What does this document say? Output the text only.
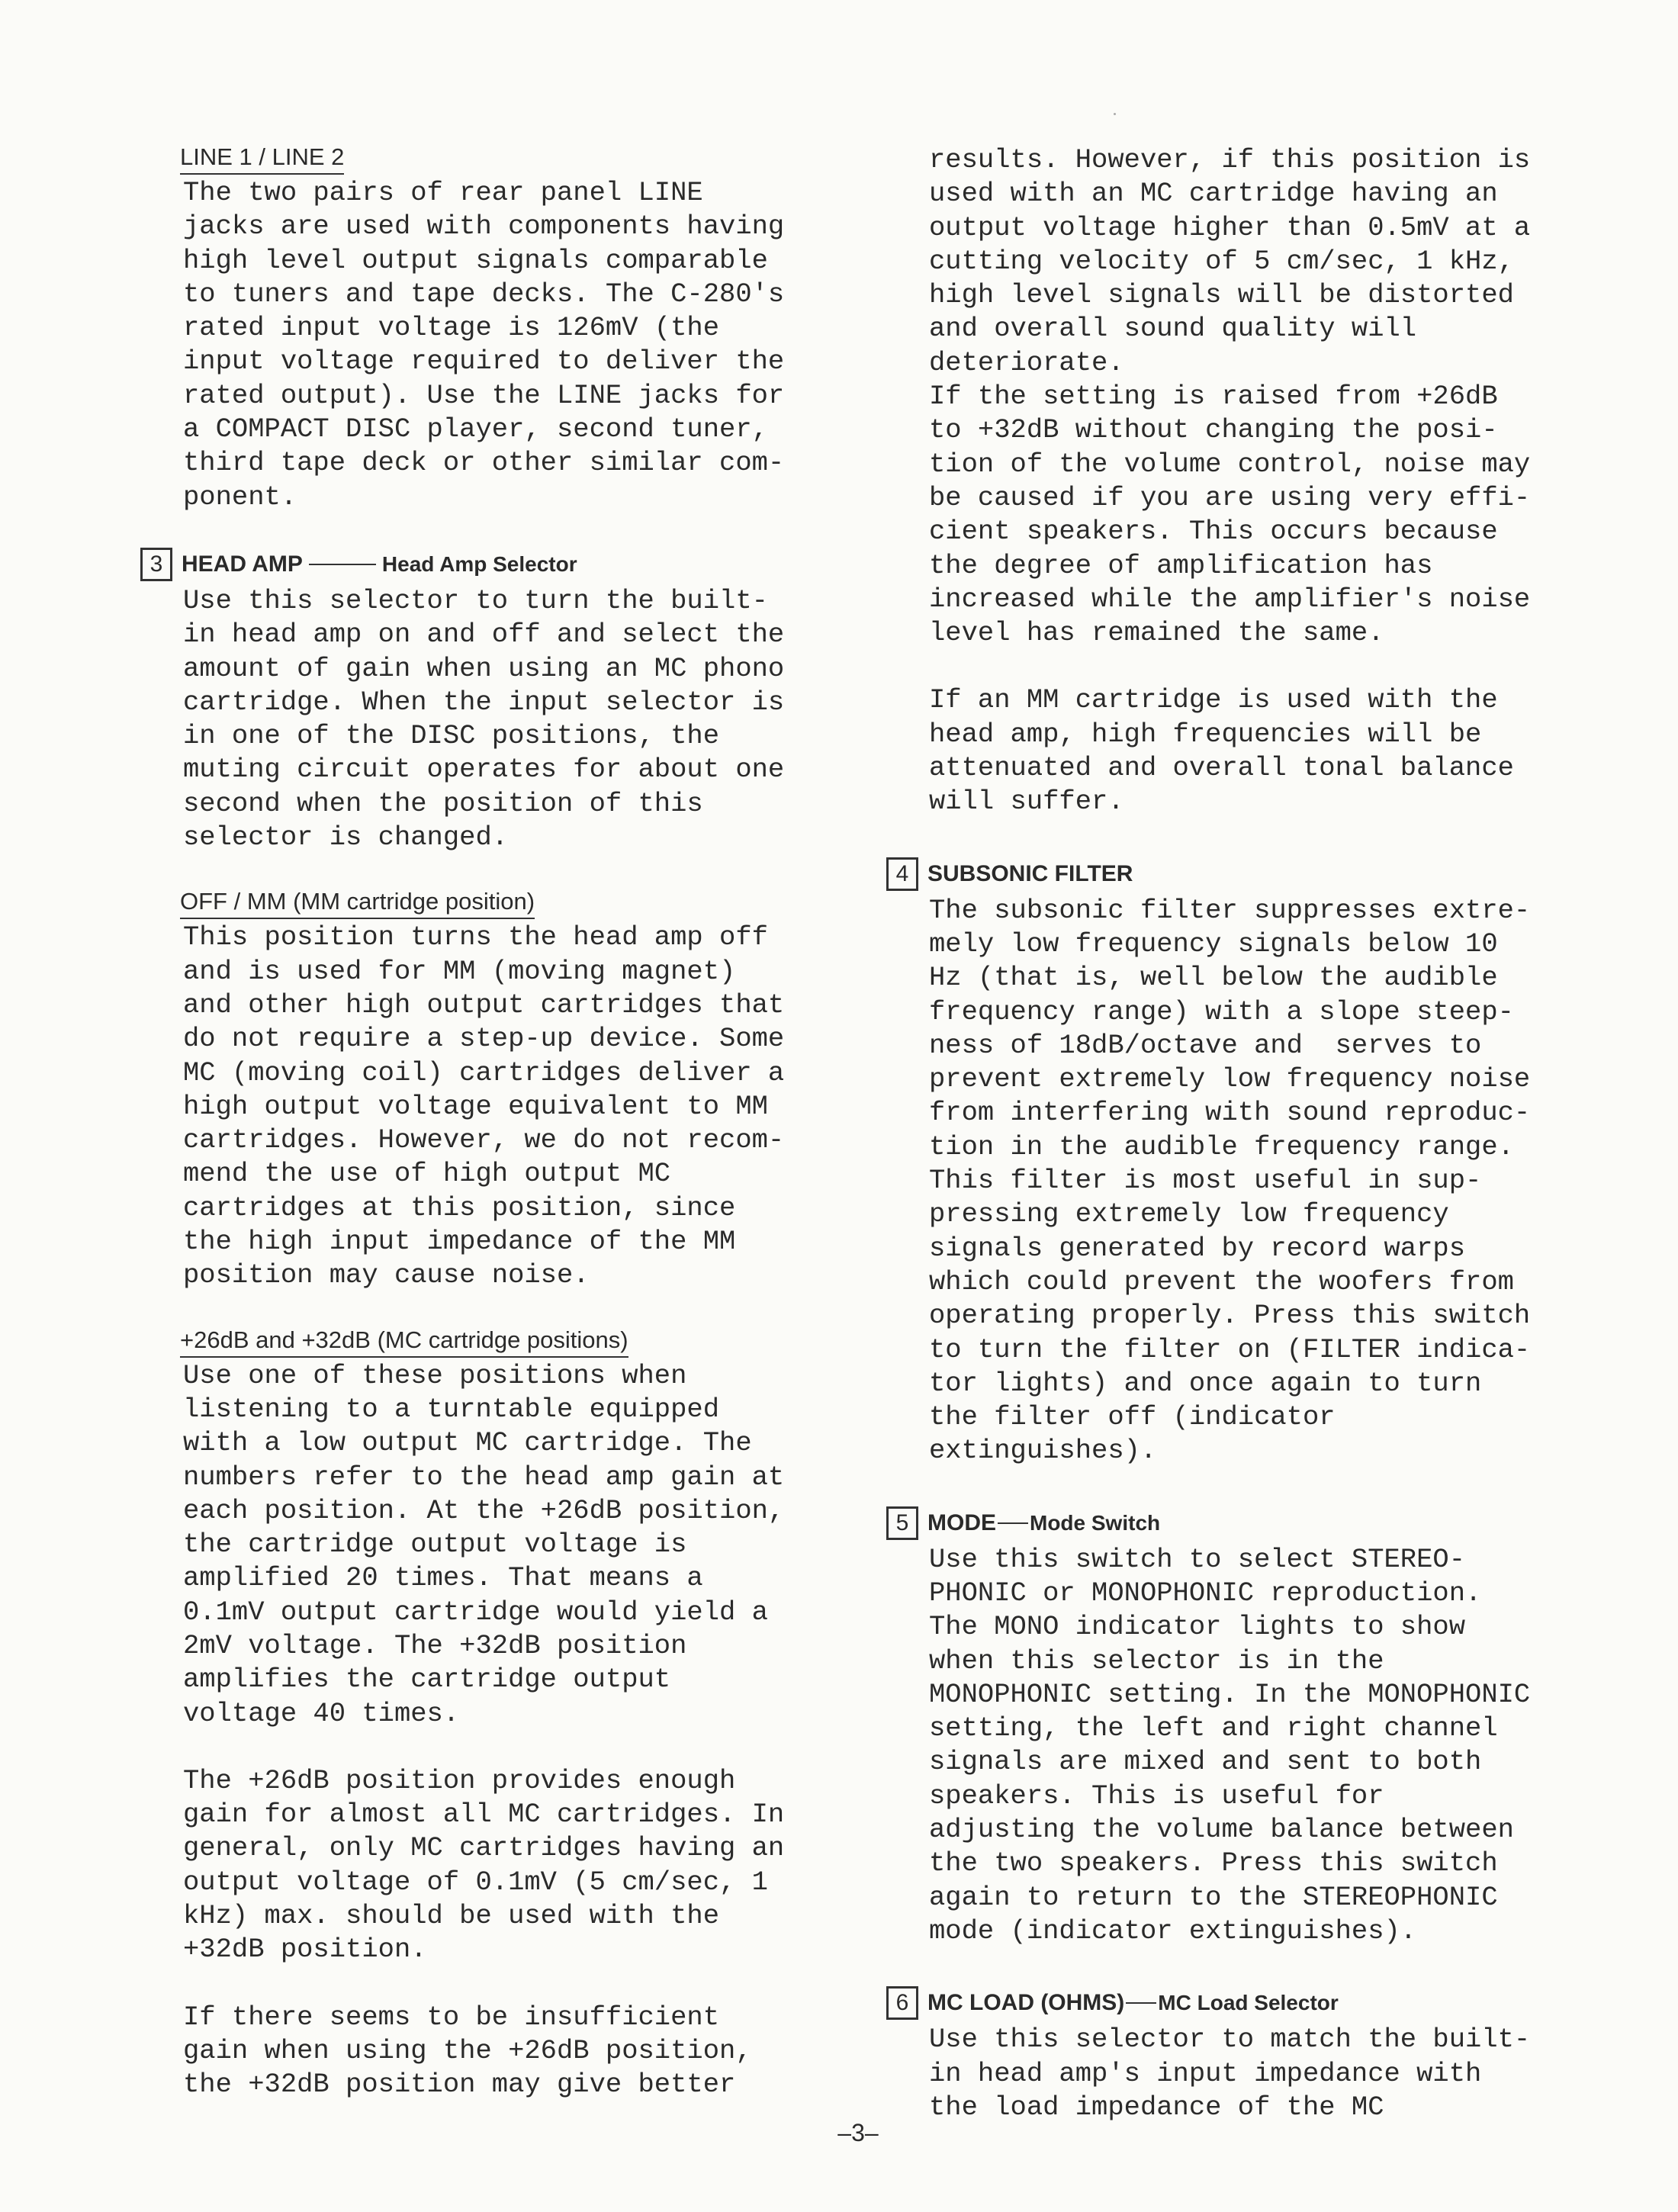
LINE 1 / LINE 2

The two pairs of rear panel LINE
jacks are used with components having
high level output signals comparable
to tuners and tape decks. The C-280's
rated input voltage is 126mV (the
input voltage required to deliver the
rated output). Use the LINE jacks for
a COMPACT DISC player, second tuner,
third tape deck or other similar com-
ponent.

3 HEAD AMP	Head Amp Selector

Use this selector to turn the built-
in head amp on and off and select the
amount of gain when using an MC phono
cartridge. When the input selector is
in one of the DISC positions, the
muting circuit operates for about one
second when the position of this
selector is changed.

OFF / MM (MM cartridge position)

This position turns the head amp off
and is used for MM (moving magnet)
and other high output cartridges that
do not require a step-up device. Some
MC (moving coil) cartridges deliver a
high output voltage equivalent to MM
cartridges. However, we do not recom-
mend the use of high output MC
cartridges at this position, since
the high input impedance of the MM
position may cause noise.

+26dB and +32dB (MC cartridge positions)

Use one of these positions when
listening to a turntable equipped
with a low output MC cartridge. The
numbers refer to the head amp gain at
each position. At the +26dB position,
the cartridge output voltage is
amplified 20 times. That means a
0.1mV output cartridge would yield a
2mV voltage. The +32dB position
amplifies the cartridge output
voltage 40 times.

The +26dB position provides enough
gain for almost all MC cartridges. In
general, only MC cartridges having an
output voltage of 0.1mV (5 cm/sec, 1
kHz) max. should be used with the
+32dB position.

If there seems to be insufficient
gain when using the +26dB position,
the +32dB position may give better

results. However, if this position is
used with an MC cartridge having an
output voltage higher than 0.5mV at a
cutting velocity of 5 cm/sec, 1 kHz,
high level signals will be distorted
and overall sound quality will
deteriorate.
If the setting is raised from +26dB
to +32dB without changing the posi-
tion of the volume control, noise may
be caused if you are using very effi-
cient speakers. This occurs because
the degree of amplification has
increased while the amplifier's noise
level has remained the same.

If an MM cartridge is used with the
head amp, high frequencies will be
attenuated and overall tonal balance
will suffer.

4 SUBSONIC FILTER

The subsonic filter suppresses extre-
mely low frequency signals below 10
Hz (that is, well below the audible
frequency range) with a slope steep-
ness of 18dB/octave and  serves to
prevent extremely low frequency noise
from interfering with sound reproduc-
tion in the audible frequency range.
This filter is most useful in sup-
pressing extremely low frequency
signals generated by record warps
which could prevent the woofers from
operating properly. Press this switch
to turn the filter on (FILTER indica-
tor lights) and once again to turn
the filter off (indicator
extinguishes).

5 MODE Mode Switch

Use this switch to select STEREO-
PHONIC or MONOPHONIC reproduction.
The MONO indicator lights to show
when this selector is in the
MONOPHONIC setting. In the MONOPHONIC
setting, the left and right channel
signals are mixed and sent to both
speakers. This is useful for
adjusting the volume balance between
the two speakers. Press this switch
again to return to the STEREOPHONIC
mode (indicator extinguishes).

6 MC LOAD (OHMS) MC Load Selector

Use this selector to match the built-
in head amp's input impedance with
the load impedance of the MC

–3–
